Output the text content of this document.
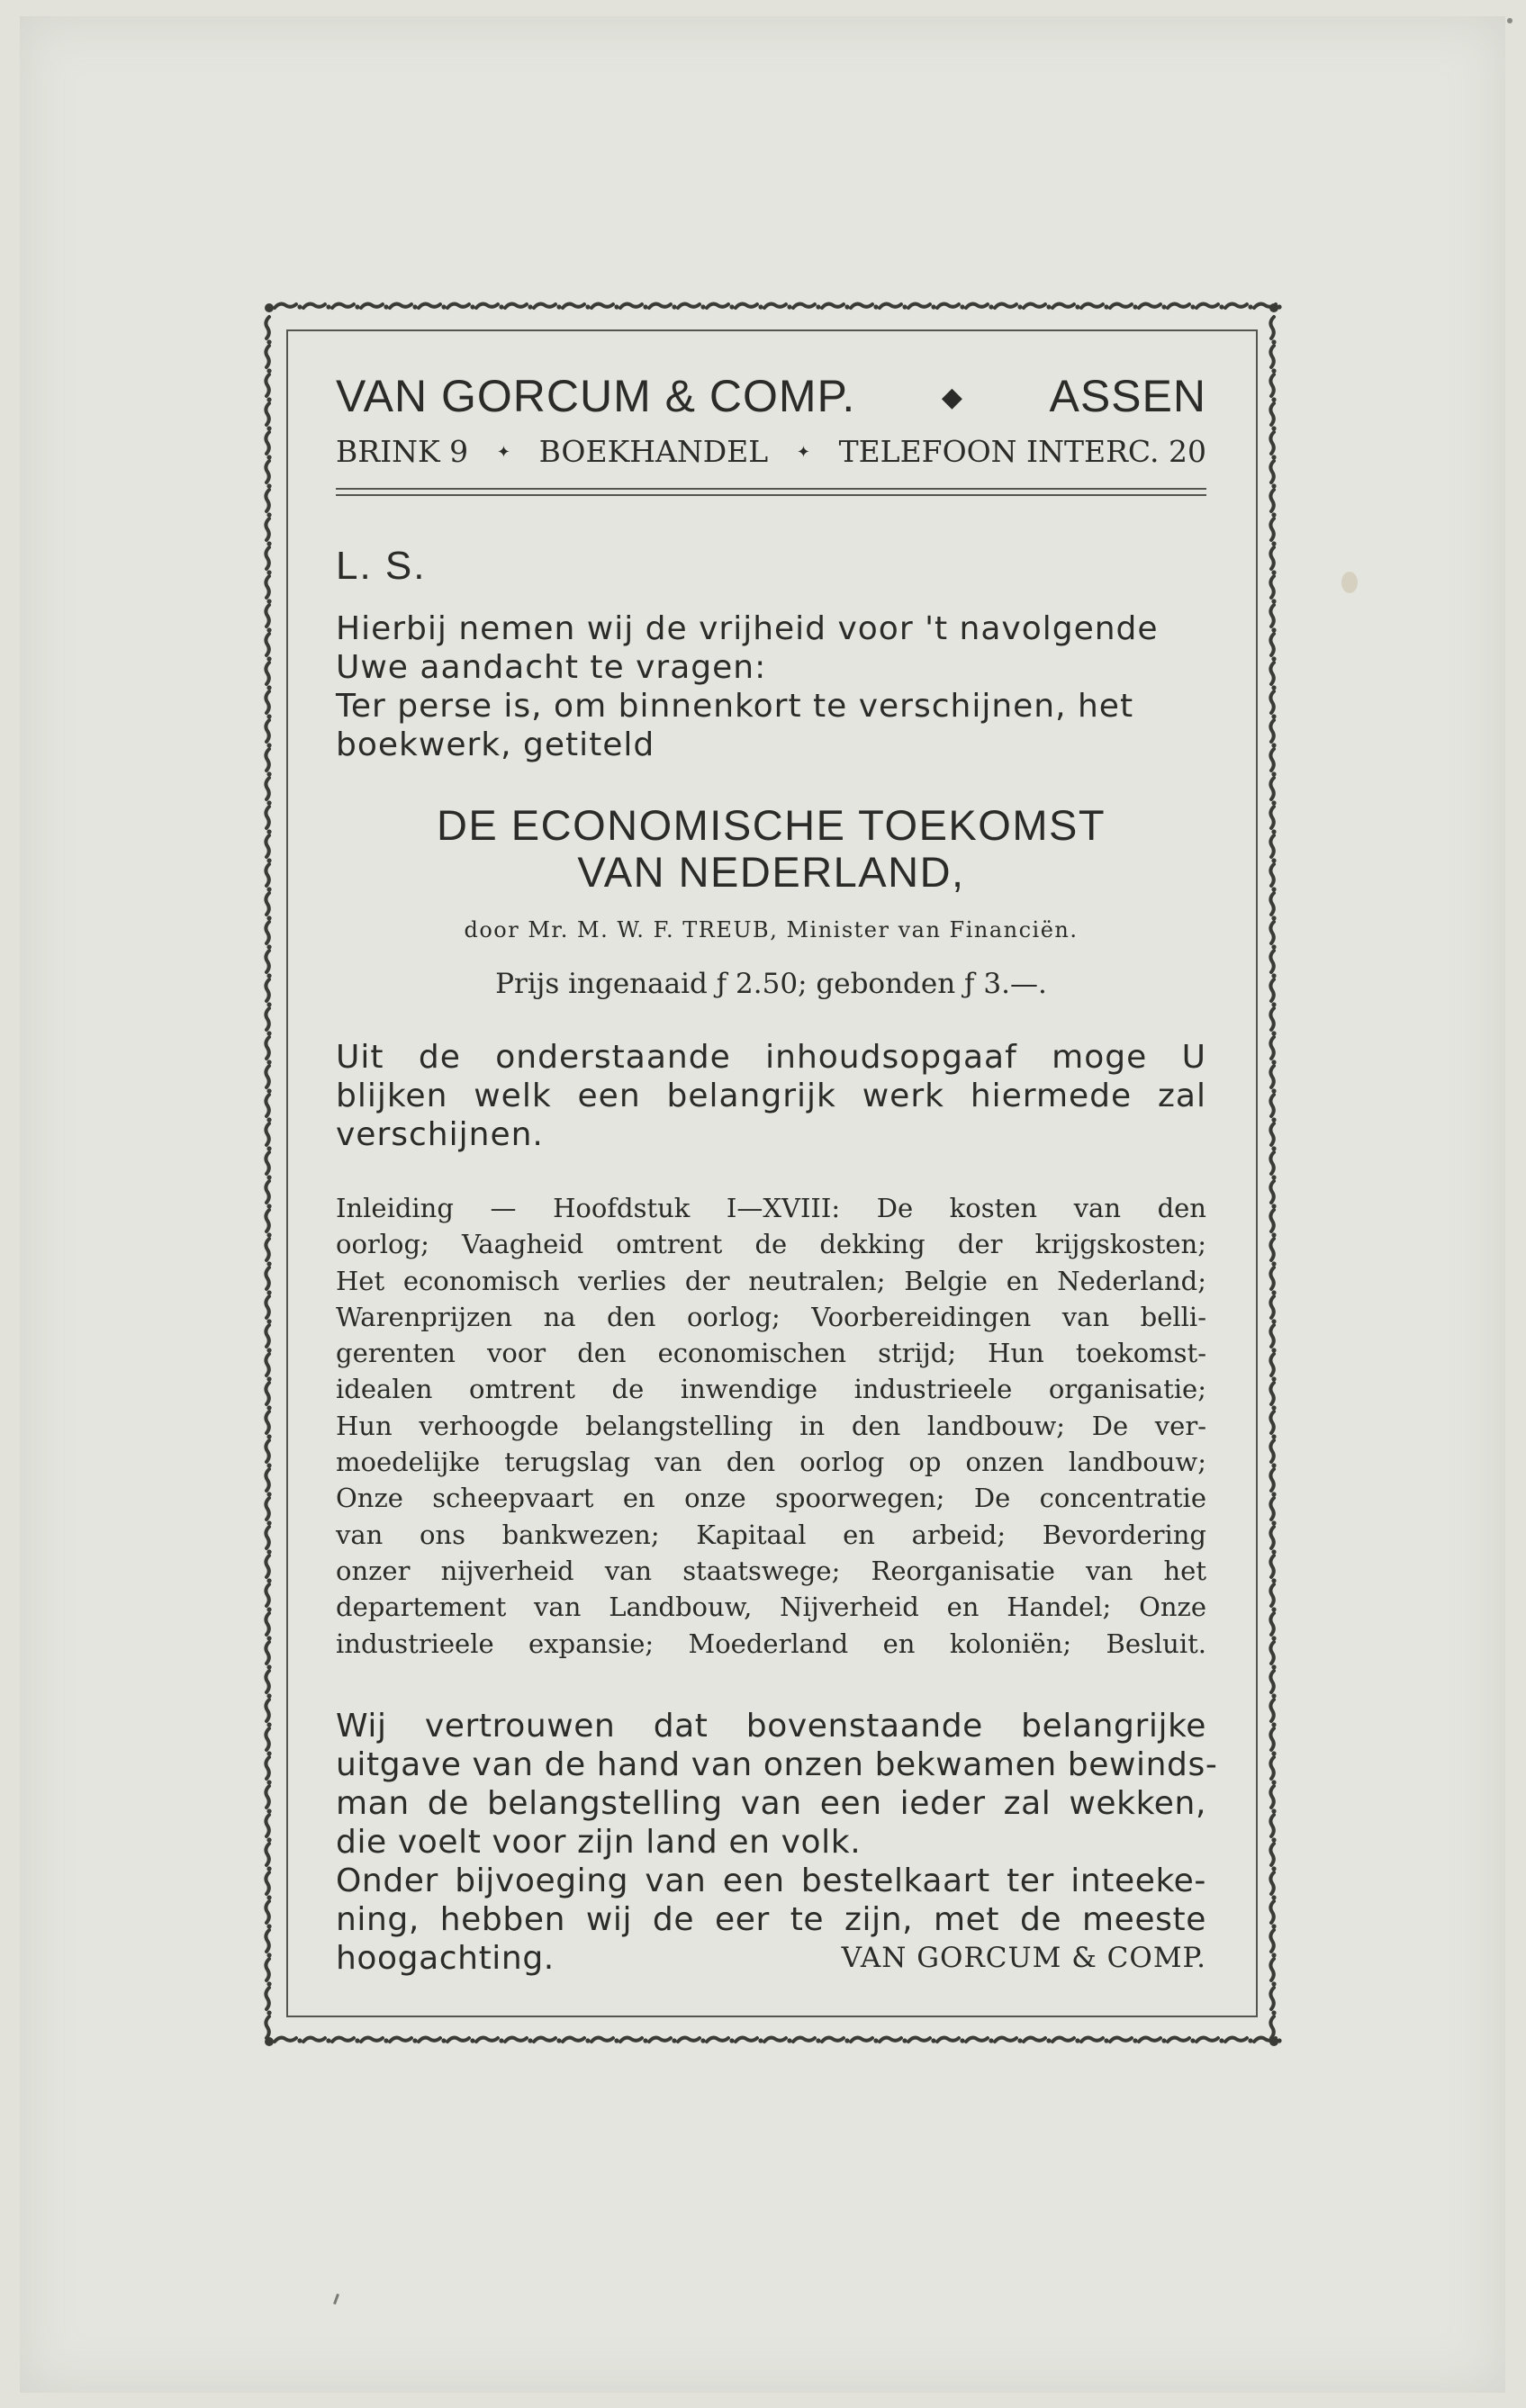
VAN GORCUM & COMP.	◆ ASSEN
BRINK 9 ✦ BOEKHANDEL ✦ TELEFOON INTERC. 20
L. S.
Hierbij nemen wij de vrijheid voor 't navolgende
Uwe aandacht te vragen:
Ter perse is, om binnenkort te verschijnen, het
boekwerk, getiteld
DE ECONOMISCHE TOEKOMST
VAN NEDERLAND,
door Mr. M. W. F. TREUB, Minister van Financiën.
Prijs ingenaaid ƒ 2.50; gebonden ƒ 3.—.
Uit de onderstaande inhoudsopgaaf moge U
blijken welk een belangrijk werk hiermede zal
verschijnen.
Inleiding — Hoofdstuk I—XVIII: De kosten van den
oorlog; Vaagheid omtrent de dekking der krijgskosten;
Het economisch verlies der neutralen; Belgie en Nederland;
Warenprijzen na den oorlog; Voorbereidingen van belli-
gerenten voor den economischen strijd; Hun toekomst-
idealen omtrent de inwendige industrieele organisatie;
Hun verhoogde belangstelling in den landbouw; De ver-
moedelijke terugslag van den oorlog op onzen landbouw;
Onze scheepvaart en onze spoorwegen; De concentratie
van ons bankwezen; Kapitaal en arbeid; Bevordering
onzer nijverheid van staatswege; Reorganisatie van het
departement van Landbouw, Nijverheid en Handel; Onze
industrieele expansie; Moederland en koloniën; Besluit.
Wij vertrouwen dat bovenstaande belangrijke
uitgave van de hand van onzen bekwamen bewinds-
man de belangstelling van een ieder zal wekken,
die voelt voor zijn land en volk.
Onder bijvoeging van een bestelkaart ter inteeke-
ning, hebben wij de eer te zijn, met de meeste
hoogachting.	VAN GORCUM & COMP.
